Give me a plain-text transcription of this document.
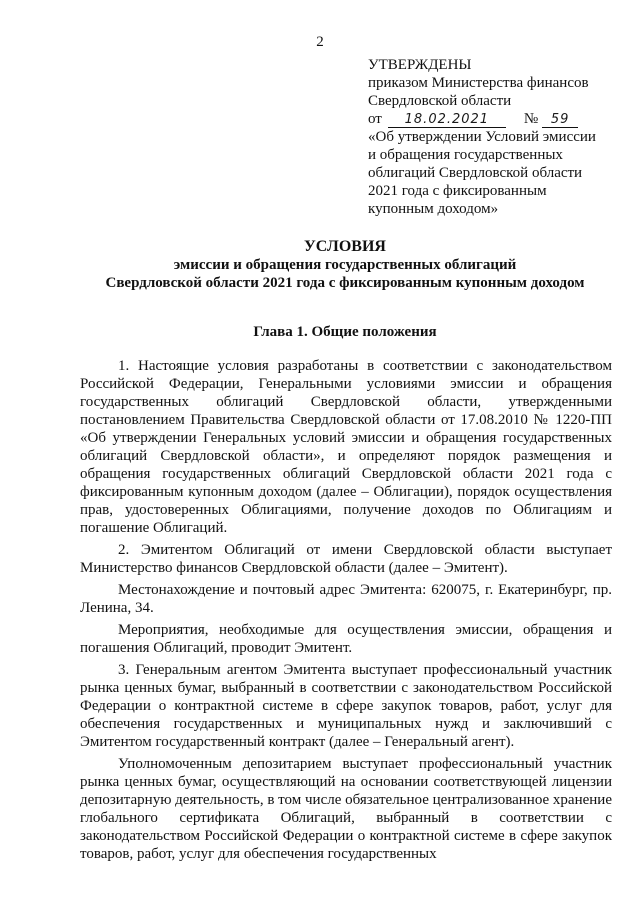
2
УТВЕРЖДЕНЫ
приказом Министерства финансов
Свердловской области
от 18.02.2021 № 59
«Об утверждении Условий эмиссии
и обращения государственных
облигаций Свердловской области
2021 года с фиксированным
купонным доходом»
УСЛОВИЯ
эмиссии и обращения государственных облигаций
Свердловской области 2021 года с фиксированным купонным доходом
Глава 1. Общие положения

1. Настоящие условия разработаны в соответствии с законодательством Российской Федерации, Генеральными условиями эмиссии и обращения государственных облигаций Свердловской области, утвержденными постановлением Правительства Свердловской области от 17.08.2010 № 1220-ПП «Об утверждении Генеральных условий эмиссии и обращения государственных облигаций Свердловской области», и определяют порядок размещения и обращения государственных облигаций Свердловской области 2021 года с фиксированным купонным доходом (далее – Облигации), порядок осуществления прав, удостоверенных Облигациями, получение доходов по Облигациям и погашение Облигаций.

2. Эмитентом Облигаций от имени Свердловской области выступает Министерство финансов Свердловской области (далее – Эмитент).

Местонахождение и почтовый адрес Эмитента: 620075, г. Екатеринбург, пр. Ленина, 34.

Мероприятия, необходимые для осуществления эмиссии, обращения и погашения Облигаций, проводит Эмитент.

3. Генеральным агентом Эмитента выступает профессиональный участник рынка ценных бумаг, выбранный в соответствии с законодательством Российской Федерации о контрактной системе в сфере закупок товаров, работ, услуг для обеспечения государственных и муниципальных нужд и заключивший с Эмитентом государственный контракт (далее – Генеральный агент).

Уполномоченным депозитарием выступает профессиональный участник рынка ценных бумаг, осуществляющий на основании соответствующей лицензии депозитарную деятельность, в том числе обязательное централизованное хранение глобального сертификата Облигаций, выбранный в соответствии с законодательством Российской Федерации о контрактной системе в сфере закупок товаров, работ, услуг для обеспечения государственных
